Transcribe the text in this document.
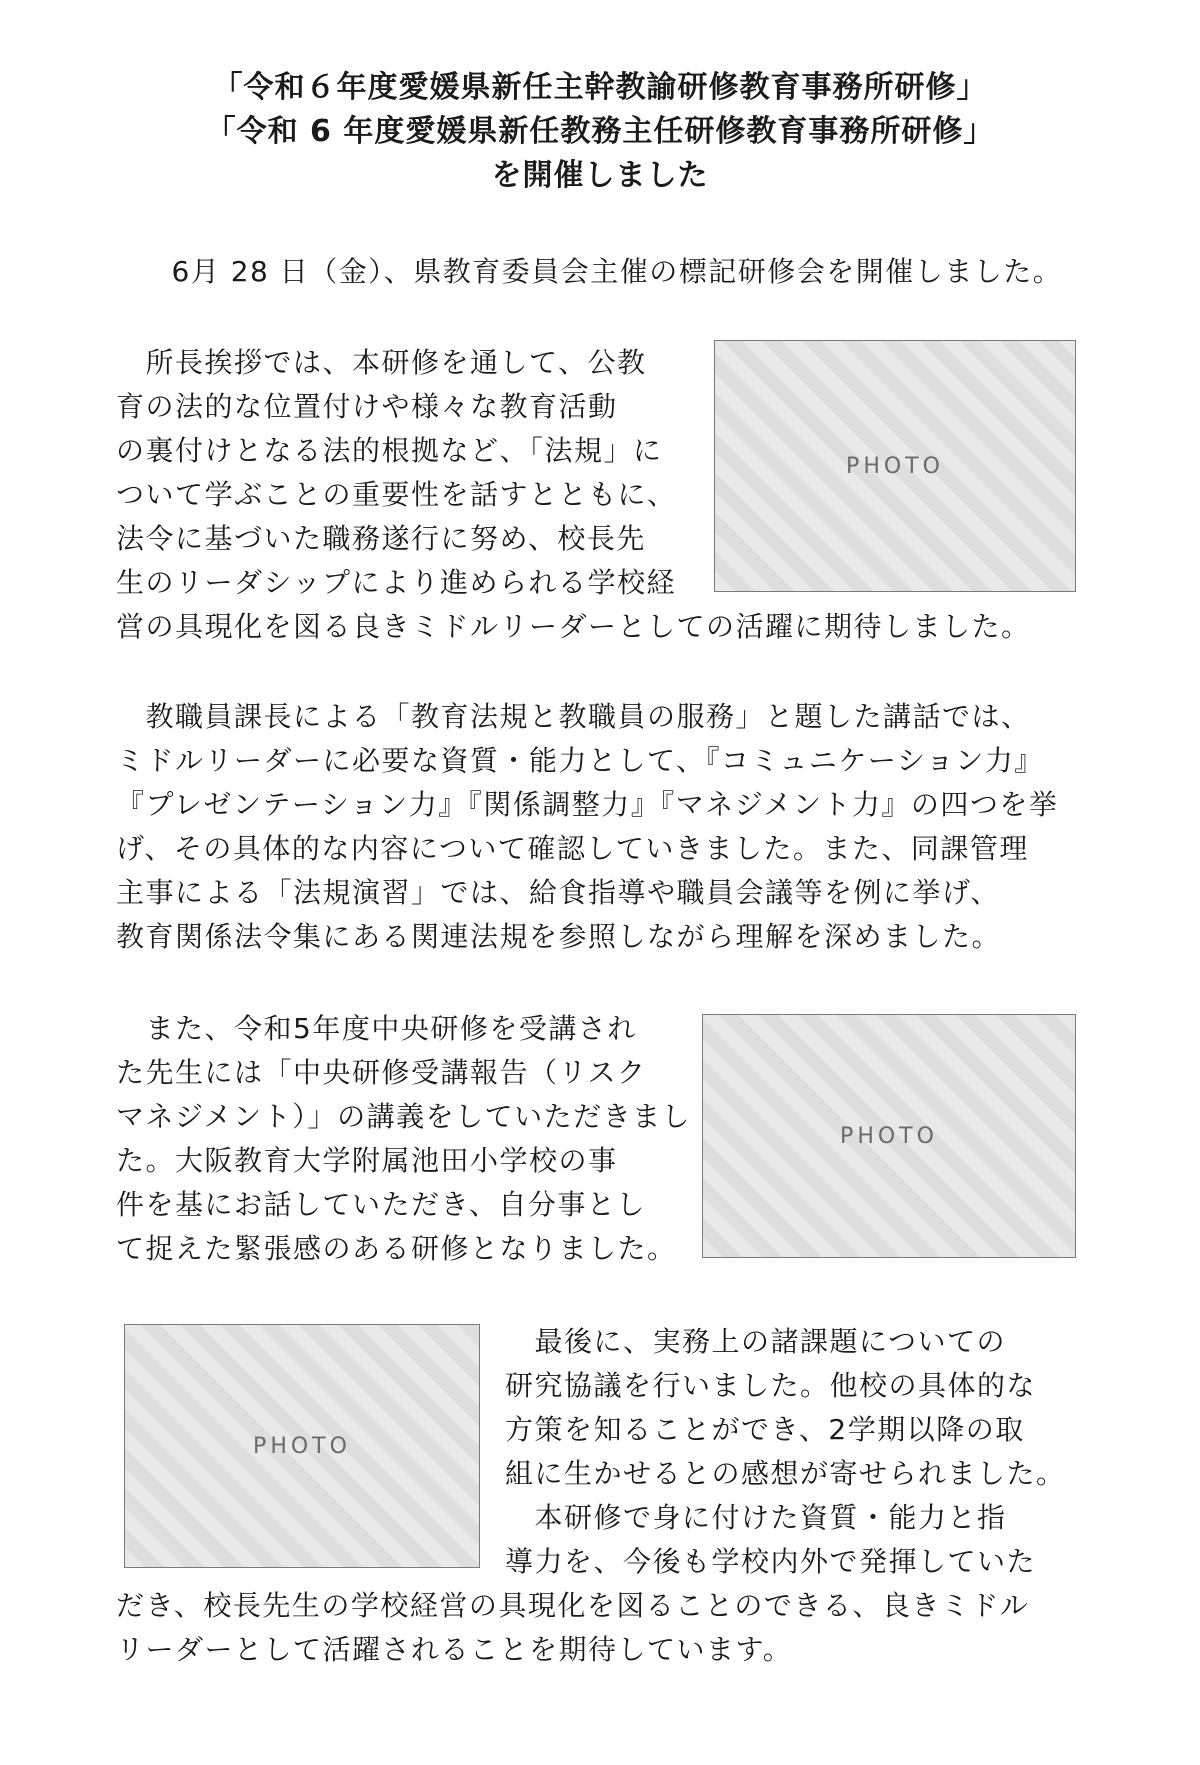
「令和６年度愛媛県新任主幹教諭研修教育事務所研修」
「令和 6 年度愛媛県新任教務主任研修教育事務所研修」
を開催しました
　6月 28 日（金）、県教育委員会主催の標記研修会を開催しました。
PHOTO
　所長挨拶では、本研修を通して、公教
育の法的な位置付けや様々な教育活動
の裏付けとなる法的根拠など、「法規」に
ついて学ぶことの重要性を話すとともに、
法令に基づいた職務遂行に努め、校長先
生のリーダシップにより進められる学校経
営の具現化を図る良きミドルリーダーとしての活躍に期待しました。
　教職員課長による「教育法規と教職員の服務」と題した講話では、
ミドルリーダーに必要な資質・能力として、『コミュニケーション力』
『プレゼンテーション力』『関係調整力』『マネジメント力』の四つを挙
げ、その具体的な内容について確認していきました。また、同課管理
主事による「法規演習」では、給食指導や職員会議等を例に挙げ、
教育関係法令集にある関連法規を参照しながら理解を深めました。
PHOTO
　また、令和5年度中央研修を受講され
た先生には「中央研修受講報告（リスク
マネジメント）」の講義をしていただきまし
た。大阪教育大学附属池田小学校の事
件を基にお話していただき、自分事とし
て捉えた緊張感のある研修となりました。
PHOTO
　最後に、実務上の諸課題についての
研究協議を行いました。他校の具体的な
方策を知ることができ、2学期以降の取
組に生かせるとの感想が寄せられました。
　本研修で身に付けた資質・能力と指
導力を、今後も学校内外で発揮していた
だき、校長先生の学校経営の具現化を図ることのできる、良きミドル
リーダーとして活躍されることを期待しています。
